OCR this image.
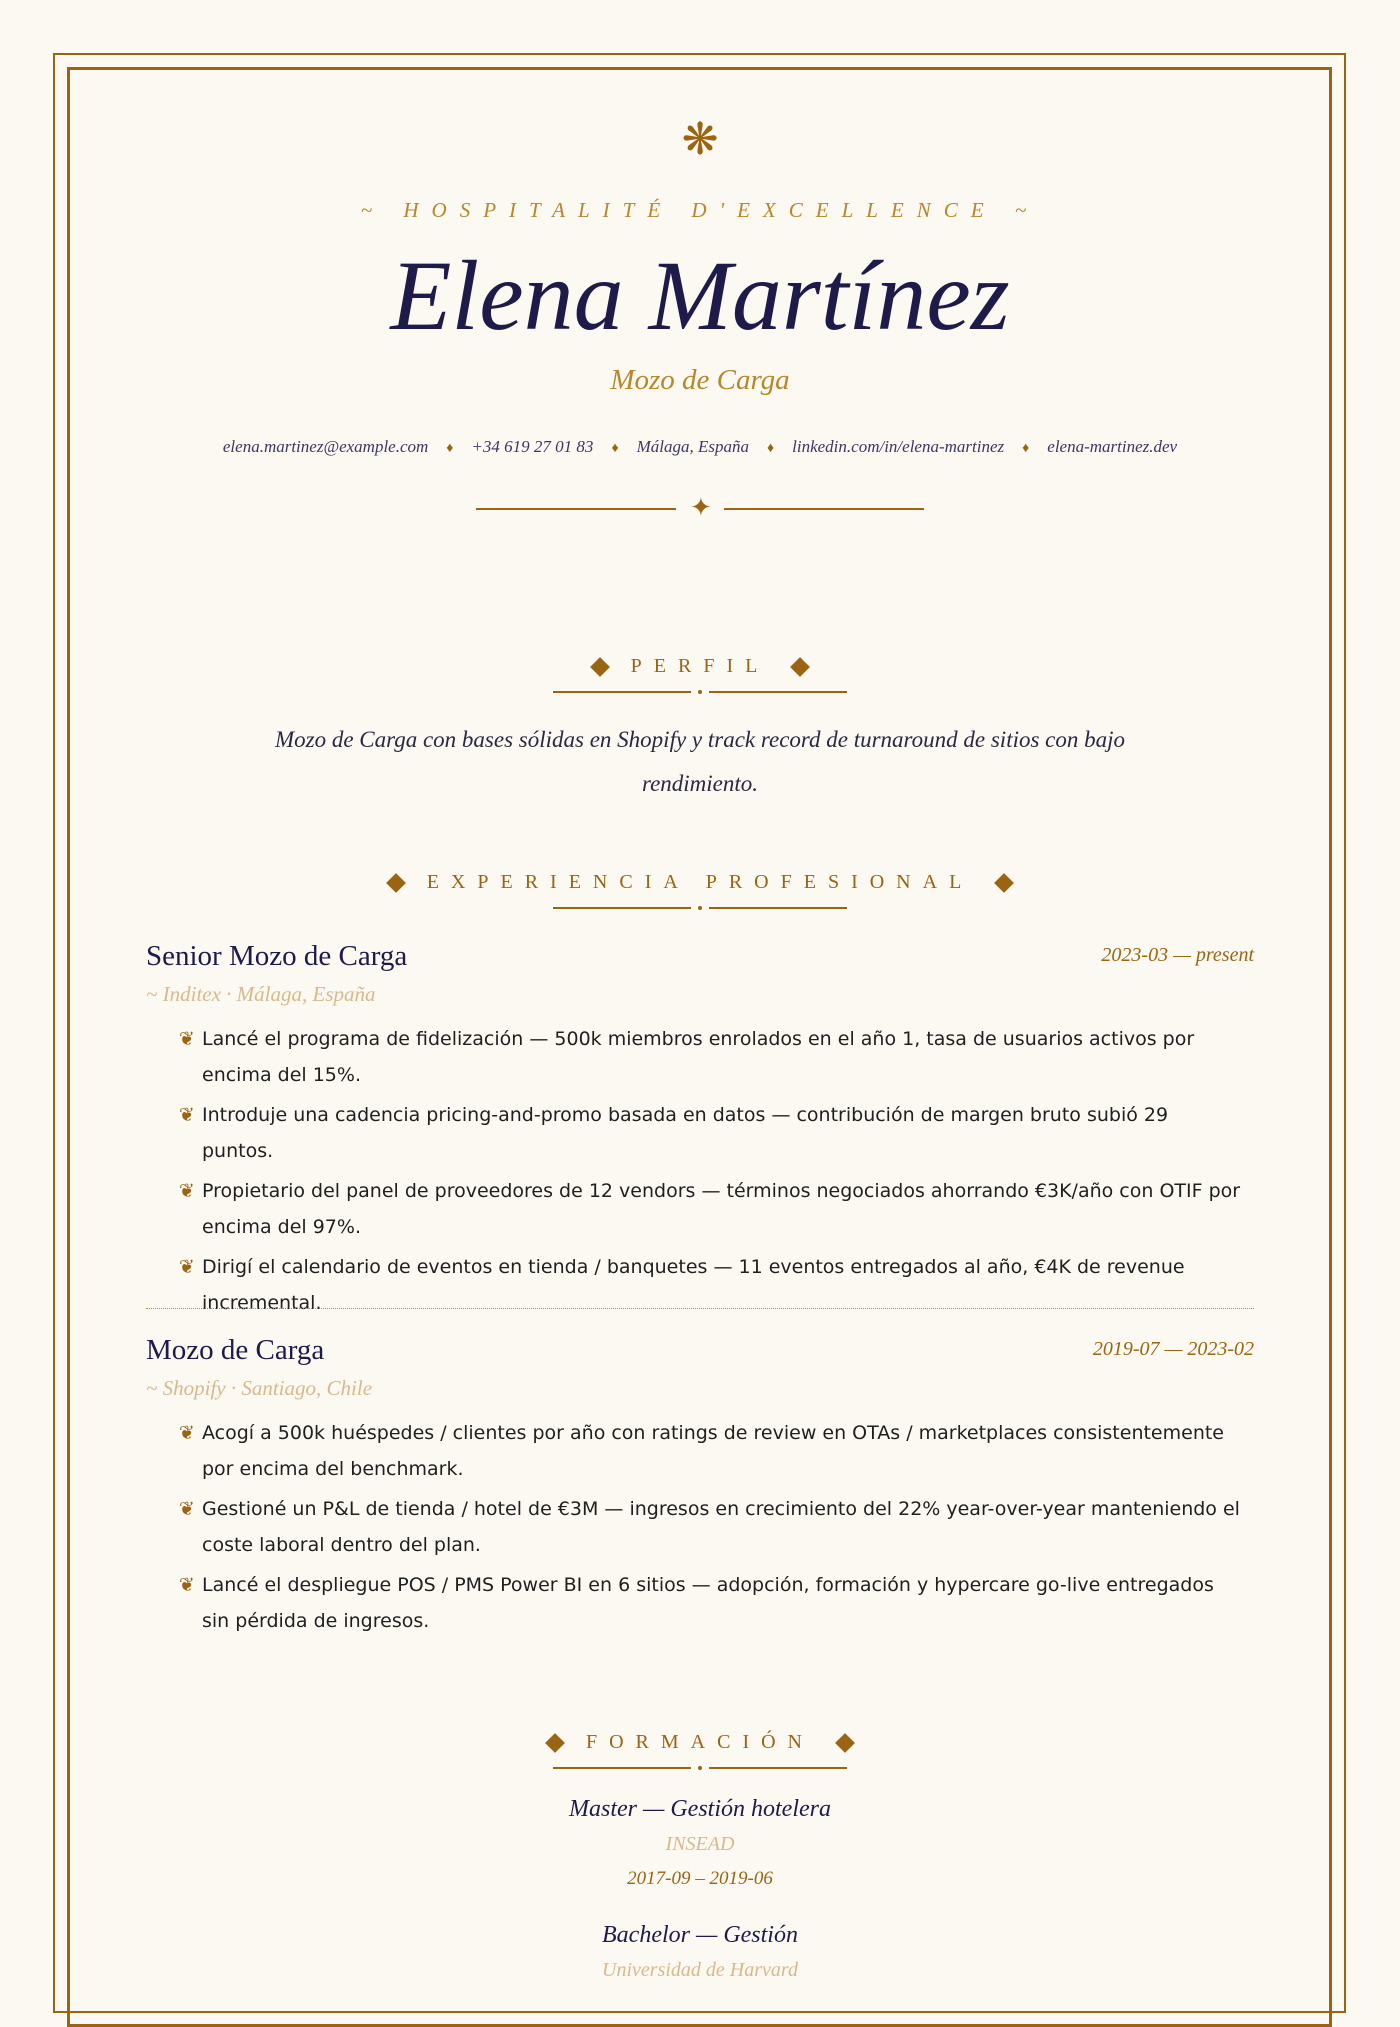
❋
~ HOSPITALITÉ D'EXCELLENCE ~
Elena Martínez
Mozo de Carga
elena.martinez@example.com ♦ +34 619 27 01 83 ♦ Málaga, España ♦ linkedin.com/in/elena-martinez ♦ elena-martinez.dev
✦
PERFIL
Mozo de Carga con bases sólidas en Shopify y track record de turnaround de sitios con bajo rendimiento.
EXPERIENCIA PROFESIONAL
Senior Mozo de Carga	2023-03 — present
~ Inditex · Málaga, España
❦ Lancé el programa de fidelización — 500k miembros enrolados en el año 1, tasa de usuarios activos por encima del 15%.
❦ Introduje una cadencia pricing-and-promo basada en datos — contribución de margen bruto subió 29 puntos.
❦ Propietario del panel de proveedores de 12 vendors — términos negociados ahorrando €3K/año con OTIF por encima del 97%.
❦ Dirigí el calendario de eventos en tienda / banquetes — 11 eventos entregados al año, €4K de revenue incremental.
Mozo de Carga	2019-07 — 2023-02
~ Shopify · Santiago, Chile
❦ Acogí a 500k huéspedes / clientes por año con ratings de review en OTAs / marketplaces consistentemente por encima del benchmark.
❦ Gestioné un P&L de tienda / hotel de €3M — ingresos en crecimiento del 22% year-over-year manteniendo el coste laboral dentro del plan.
❦ Lancé el despliegue POS / PMS Power BI en 6 sitios — adopción, formación y hypercare go-live entregados sin pérdida de ingresos.
FORMACIÓN
Master — Gestión hotelera
INSEAD
2017-09 – 2019-06
Bachelor — Gestión
Universidad de Harvard
